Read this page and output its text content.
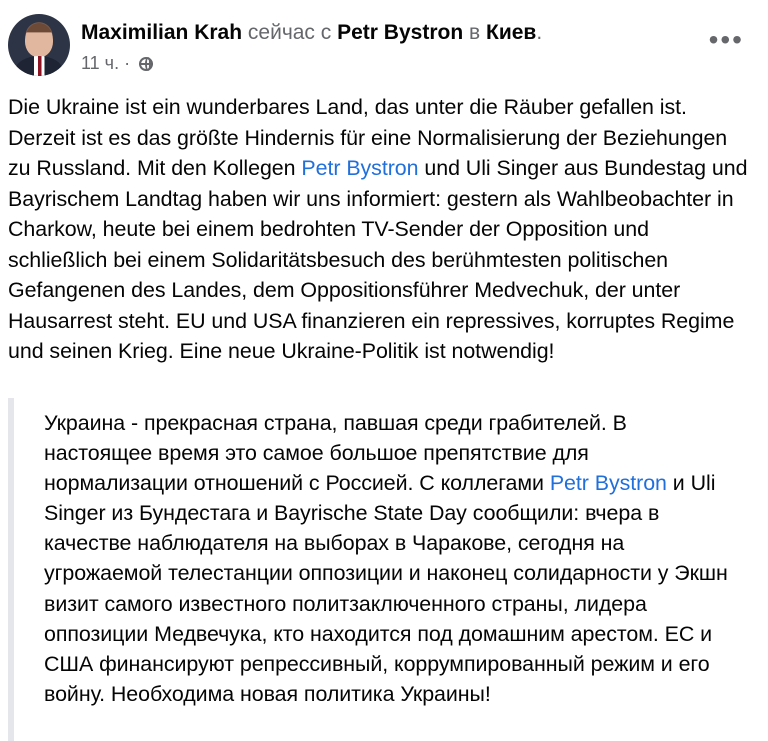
Maximilian Krah сейчас с Petr Bystron в Киев.
11 ч. ·
•••

Die Ukraine ist ein wunderbares Land, das unter die Räuber gefallen ist. Derzeit ist es das größte Hindernis für eine Normalisierung der Beziehungen zu Russland. Mit den Kollegen Petr Bystron und Uli Singer aus Bundestag und Bayrischem Landtag haben wir uns informiert: gestern als Wahlbeobachter in Charkow, heute bei einem bedrohten TV-Sender der Opposition und schließlich bei einem Solidaritätsbesuch des berühmtesten politischen Gefangenen des Landes, dem Oppositionsführer Medvechuk, der unter Hausarrest steht. EU und USA finanzieren ein repressives, korruptes Regime und seinen Krieg. Eine neue Ukraine-Politik ist notwendig!

Украина - прекрасная страна, павшая среди грабителей. В настоящее время это самое большое препятствие для нормализации отношений с Россией. С коллегами Petr Bystron и Uli Singer из Бундестага и Bayrische State Day сообщили: вчера в качестве наблюдателя на выборах в Чаракове, сегодня на угрожаемой телестанции оппозиции и наконец солидарности у Экшн визит самого известного политзаключенного страны, лидера оппозиции Медвечука, кто находится под домашним арестом. ЕС и США финансируют репрессивный, коррумпированный режим и его войну. Необходима новая политика Украины!
